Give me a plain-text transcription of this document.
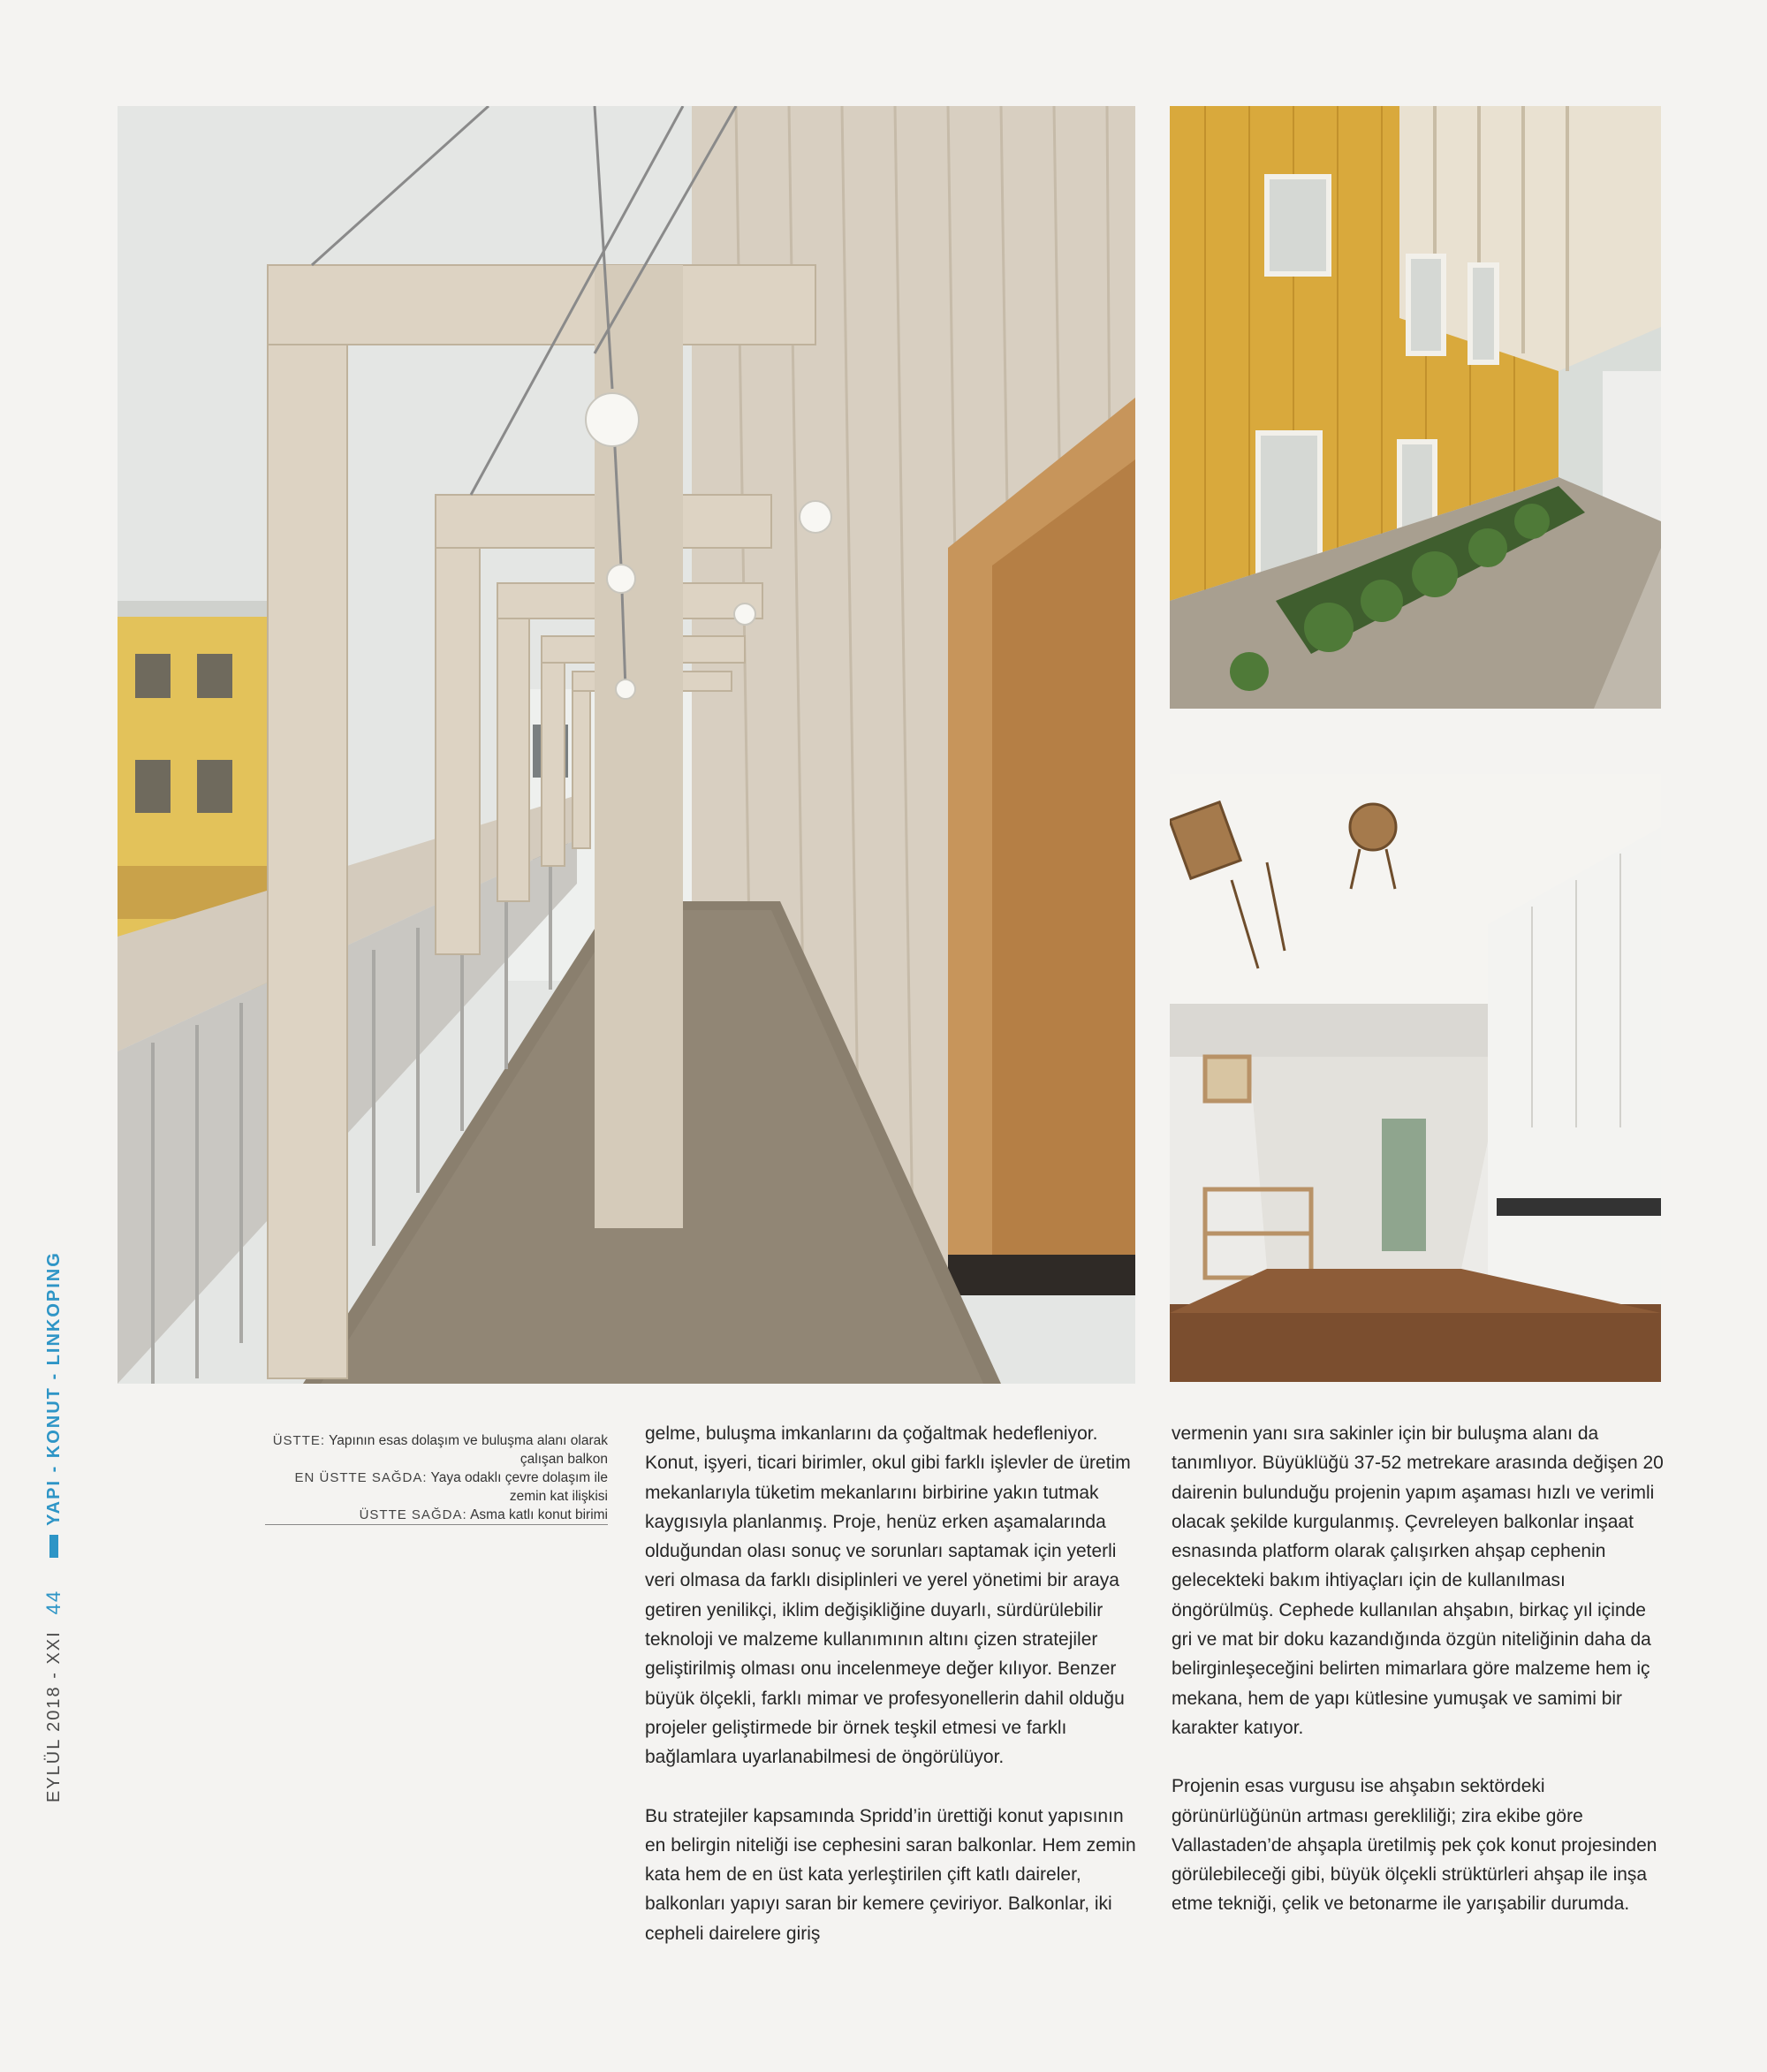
EYLÜL 2018 - XXI
44
YAPI - KONUT - LINKOPING	ÜSTTE: Yapının esas dolaşım ve buluşma alanı olarak çalışan balkon
EN ÜSTTE SAĞDA: Yaya odaklı çevre dolaşım ile zemin kat ilişkisi
ÜSTTE SAĞDA: Asma katlı konut birimi

gelme, buluşma imkanlarını da çoğaltmak hedefleniyor. Konut, işyeri, ticari birimler, okul gibi farklı işlevler de üretim mekanlarıyla tüketim mekanlarını birbirine yakın tutmak kaygısıyla planlanmış. Proje, henüz erken aşamalarında olduğundan olası sonuç ve sorunları saptamak için yeterli veri olmasa da farklı disiplinleri ve yerel yönetimi bir araya getiren yenilikçi, iklim değişikliğine duyarlı, sürdürülebilir teknoloji ve malzeme kullanımının altını çizen stratejiler geliştirilmiş olması onu incelenmeye değer kılıyor. Benzer büyük ölçekli, farklı mimar ve profesyonellerin dahil olduğu projeler geliştirmede bir örnek teşkil etmesi ve farklı bağlamlara uyarlanabilmesi de öngörülüyor.

Bu stratejiler kapsamında Spridd’in ürettiği konut yapısının en belirgin niteliği ise cephesini saran balkonlar. Hem zemin kata hem de en üst kata yerleştirilen çift katlı daireler, balkonları yapıyı saran bir kemere çeviriyor. Balkonlar, iki cepheli dairelere giriş

vermenin yanı sıra sakinler için bir buluşma alanı da tanımlıyor. Büyüklüğü 37-52 metrekare arasında değişen 20 dairenin bulunduğu projenin yapım aşaması hızlı ve verimli olacak şekilde kurgulanmış. Çevreleyen balkonlar inşaat esnasında platform olarak çalışırken ahşap cephenin gelecekteki bakım ihtiyaçları için de kullanılması öngörülmüş. Cephede kullanılan ahşabın, birkaç yıl içinde gri ve mat bir doku kazandığında özgün niteliğinin daha da belirginleşeceğini belirten mimarlara göre malzeme hem iç mekana, hem de yapı kütlesine yumuşak ve samimi bir karakter katıyor.

Projenin esas vurgusu ise ahşabın sektördeki görünürlüğünün artması gerekliliği; zira ekibe göre Vallastaden’de ahşapla üretilmiş pek çok konut projesinden görülebileceği gibi, büyük ölçekli strüktürleri ahşap ile inşa etme tekniği, çelik ve betonarme ile yarışabilir durumda.
